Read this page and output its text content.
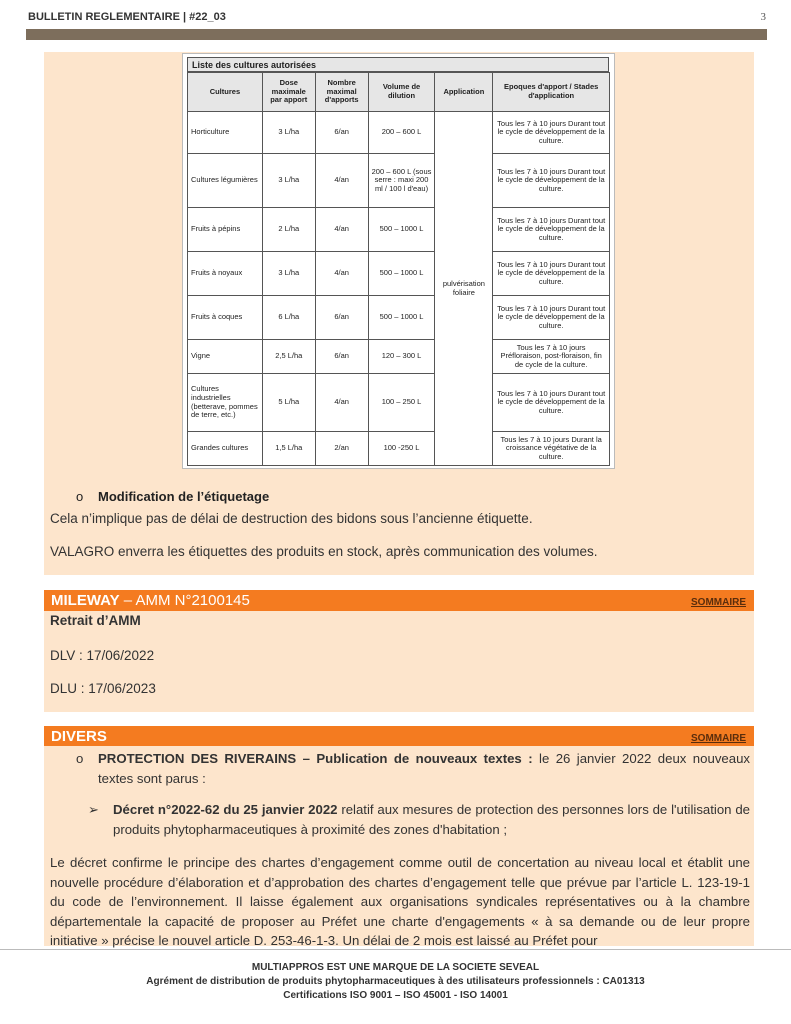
BULLETIN REGLEMENTAIRE | #22_03	3
Liste des cultures autorisées
Cultures	Dose maximale par apport	Nombre maximal d'apports	Volume de dilution	Application	Epoques d'apport / Stades d'application
Horticulture	3 L/ha	6/an	200 – 600 L	pulvérisation foliaire	Tous les 7 à 10 jours Durant tout le cycle de développement de la culture.
Cultures légumières	3 L/ha	4/an	200 – 600 L (sous serre : maxi 200 ml / 100 l d'eau)		Tous les 7 à 10 jours Durant tout le cycle de développement de la culture.
Fruits à pépins	2 L/ha	4/an	500 – 1000 L		Tous les 7 à 10 jours Durant tout le cycle de développement de la culture.
Fruits à noyaux	3 L/ha	4/an	500 – 1000 L		Tous les 7 à 10 jours Durant tout le cycle de développement de la culture.
Fruits à coques	6 L/ha	6/an	500 – 1000 L		Tous les 7 à 10 jours Durant tout le cycle de développement de la culture.
Vigne	2,5 L/ha	6/an	120 – 300 L		Tous les 7 à 10 jours Préfloraison, post-floraison, fin de cycle de la culture.
Cultures industrielles (betterave, pommes de terre, etc.)	5 L/ha	4/an	100 – 250 L		Tous les 7 à 10 jours Durant tout le cycle de développement de la culture.
Grandes cultures	1,5 L/ha	2/an	100 -250 L		Tous les 7 à 10 jours Durant la croissance végétative de la culture.
o Modification de l’étiquetage
Cela n’implique pas de délai de destruction des bidons sous l’ancienne étiquette.
VALAGRO enverra les étiquettes des produits en stock, après communication des volumes.
MILEWAY – AMM N°2100145	SOMMAIRE
Retrait d’AMM
DLV : 17/06/2022
DLU : 17/06/2023
DIVERS	SOMMAIRE
o PROTECTION DES RIVERAINS – Publication de nouveaux textes : le 26 janvier 2022 deux nouveaux textes sont parus :
➢ Décret n°2022-62 du 25 janvier 2022 relatif aux mesures de protection des personnes lors de l'utilisation de produits phytopharmaceutiques à proximité des zones d'habitation ;
Le décret confirme le principe des chartes d’engagement comme outil de concertation au niveau local et établit une nouvelle procédure d’élaboration et d’approbation des chartes d’engagement telle que prévue par l’article L. 123-19-1 du code de l’environnement. Il laisse également aux organisations syndicales représentatives ou à la chambre départementale la capacité de proposer au Préfet une charte d'engagements « à sa demande ou de leur propre initiative » précise le nouvel article D. 253-46-1-3. Un délai de 2 mois est laissé au Préfet pour
MULTIAPPROS EST UNE MARQUE DE LA SOCIETE SEVEAL
Agrément de distribution de produits phytopharmaceutiques à des utilisateurs professionnels : CA01313
Certifications ISO 9001 – ISO 45001 - ISO 14001
